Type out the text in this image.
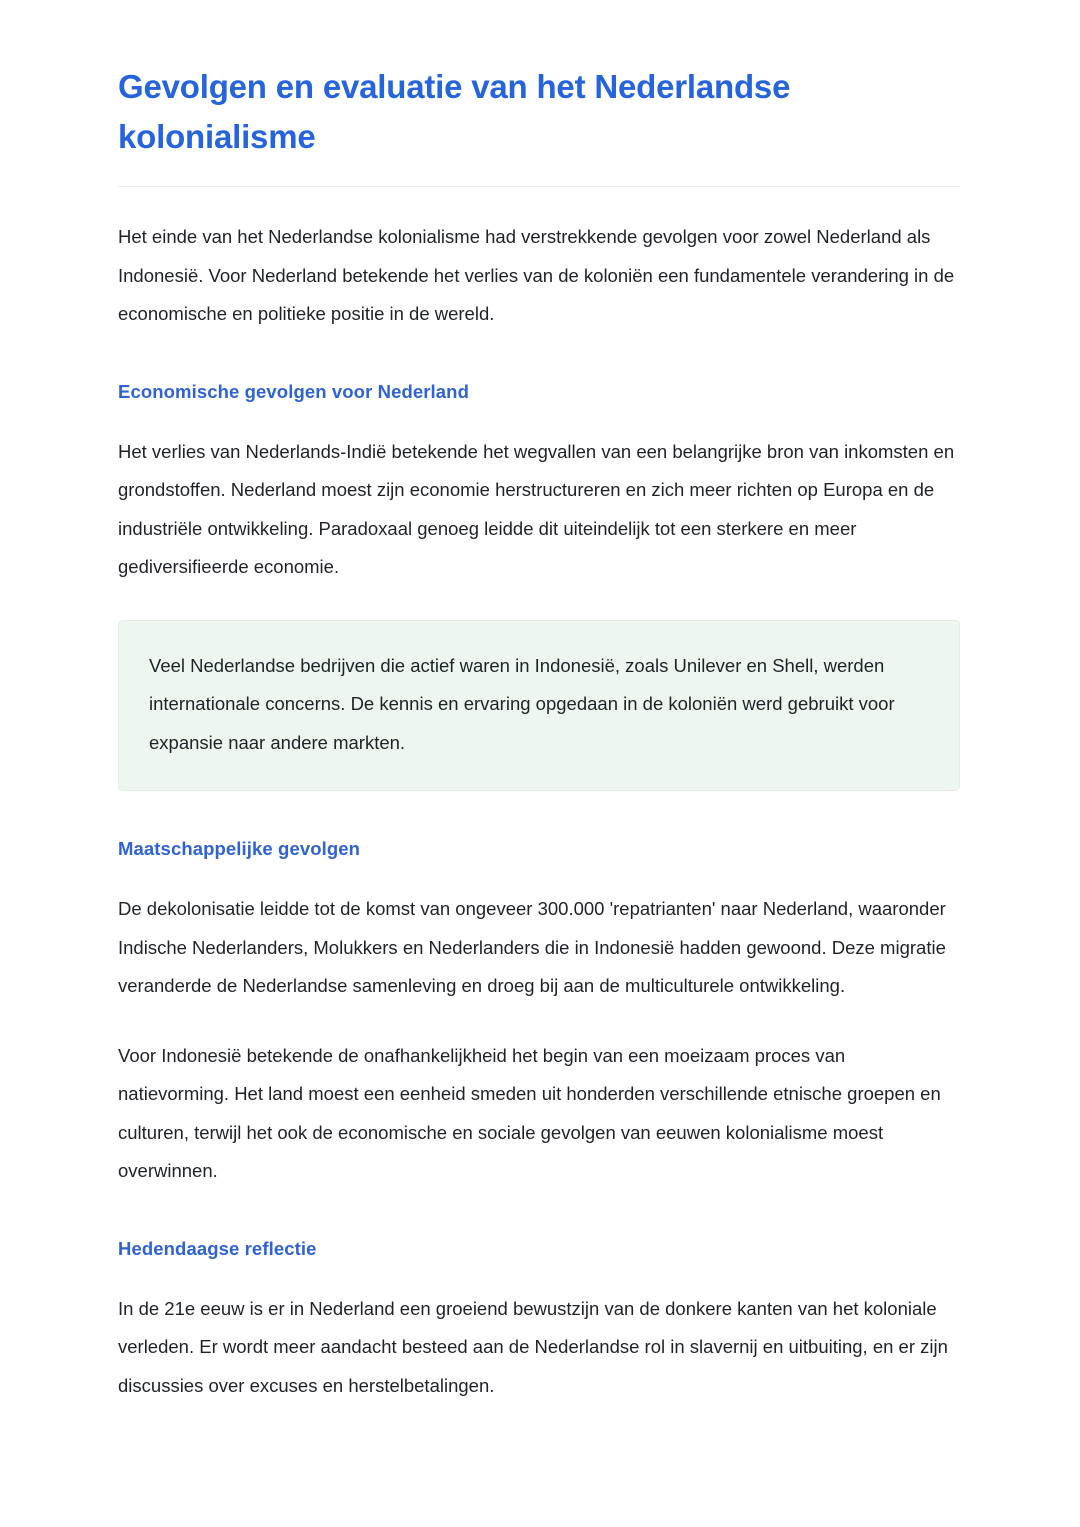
Gevolgen en evaluatie van het Nederlandse kolonialisme

Het einde van het Nederlandse kolonialisme had verstrekkende gevolgen voor zowel Nederland als Indonesië. Voor Nederland betekende het verlies van de koloniën een fundamentele verandering in de economische en politieke positie in de wereld.

Economische gevolgen voor Nederland

Het verlies van Nederlands-Indië betekende het wegvallen van een belangrijke bron van inkomsten en grondstoffen. Nederland moest zijn economie herstructureren en zich meer richten op Europa en de industriële ontwikkeling. Paradoxaal genoeg leidde dit uiteindelijk tot een sterkere en meer gediversifieerde economie.

Veel Nederlandse bedrijven die actief waren in Indonesië, zoals Unilever en Shell, werden internationale concerns. De kennis en ervaring opgedaan in de koloniën werd gebruikt voor expansie naar andere markten.

Maatschappelijke gevolgen

De dekolonisatie leidde tot de komst van ongeveer 300.000 'repatrianten' naar Nederland, waaronder Indische Nederlanders, Molukkers en Nederlanders die in Indonesië hadden gewoond. Deze migratie veranderde de Nederlandse samenleving en droeg bij aan de multiculturele ontwikkeling.

Voor Indonesië betekende de onafhankelijkheid het begin van een moeizaam proces van natievorming. Het land moest een eenheid smeden uit honderden verschillende etnische groepen en culturen, terwijl het ook de economische en sociale gevolgen van eeuwen kolonialisme moest overwinnen.

Hedendaagse reflectie

In de 21e eeuw is er in Nederland een groeiend bewustzijn van de donkere kanten van het koloniale verleden. Er wordt meer aandacht besteed aan de Nederlandse rol in slavernij en uitbuiting, en er zijn discussies over excuses en herstelbetalingen.
